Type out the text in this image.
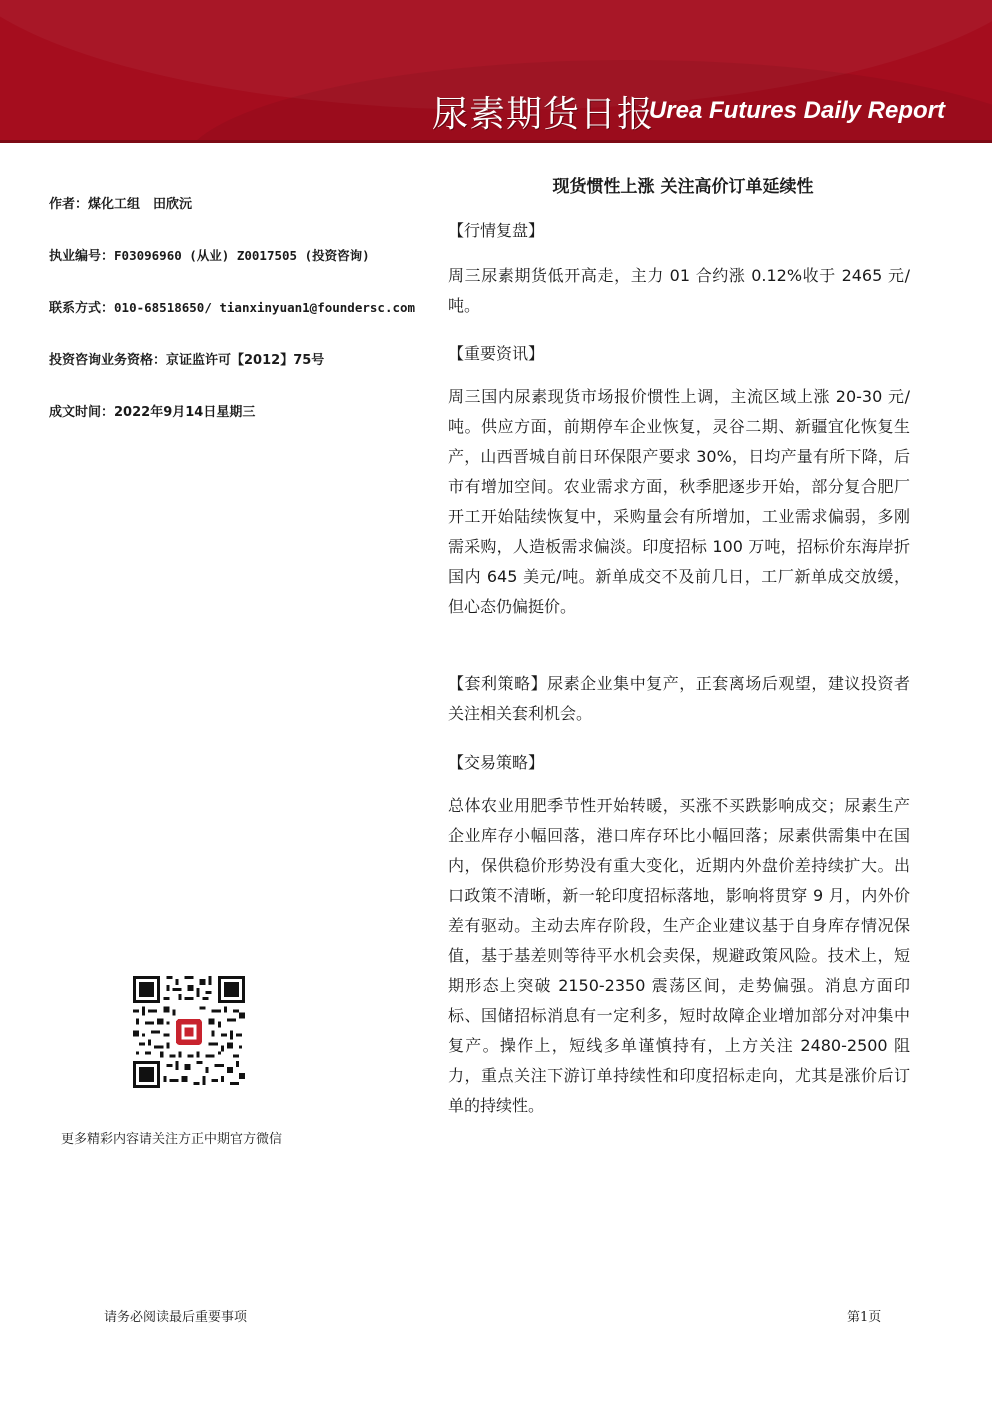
尿素期货日报
Urea Futures Daily Report
作者：煤化工组　田欣沅
执业编号：F03096960 (从业) Z0017505 (投资咨询)
联系方式：010-68518650/ tianxinyuan1@foundersc.com
投资咨询业务资格：京证监许可【2012】75号
成文时间：2022年9月14日星期三
更多精彩内容请关注方正中期官方微信
现货惯性上涨 关注高价订单延续性
【行情复盘】

周三尿素期货低开高走，主力 01 合约涨 0.12%收于 2465 元/吨。

【重要资讯】

周三国内尿素现货市场报价惯性上调，主流区域上涨 20-30 元/吨。供应方面，前期停车企业恢复，灵谷二期、新疆宜化恢复生产，山西晋城自前日环保限产要求 30%，日均产量有所下降，后市有增加空间。农业需求方面，秋季肥逐步开始，部分复合肥厂开工开始陆续恢复中，采购量会有所增加，工业需求偏弱，多刚需采购，人造板需求偏淡。印度招标 100 万吨，招标价东海岸折国内 645 美元/吨。新单成交不及前几日，工厂新单成交放缓，但心态仍偏挺价。

【套利策略】尿素企业集中复产，正套离场后观望，建议投资者关注相关套利机会。

【交易策略】

总体农业用肥季节性开始转暖，买涨不买跌影响成交；尿素生产企业库存小幅回落，港口库存环比小幅回落；尿素供需集中在国内，保供稳价形势没有重大变化，近期内外盘价差持续扩大。出口政策不清晰，新一轮印度招标落地，影响将贯穿 9 月，内外价差有驱动。主动去库存阶段，生产企业建议基于自身库存情况保值，基于基差则等待平水机会卖保，规避政策风险。技术上，短期形态上突破 2150-2350 震荡区间，走势偏强。消息方面印标、国储招标消息有一定利多，短时故障企业增加部分对冲集中复产。操作上，短线多单谨慎持有，上方关注 2480-2500 阻力，重点关注下游订单持续性和印度招标走向，尤其是涨价后订单的持续性。

请务必阅读最后重要事项	第1页
